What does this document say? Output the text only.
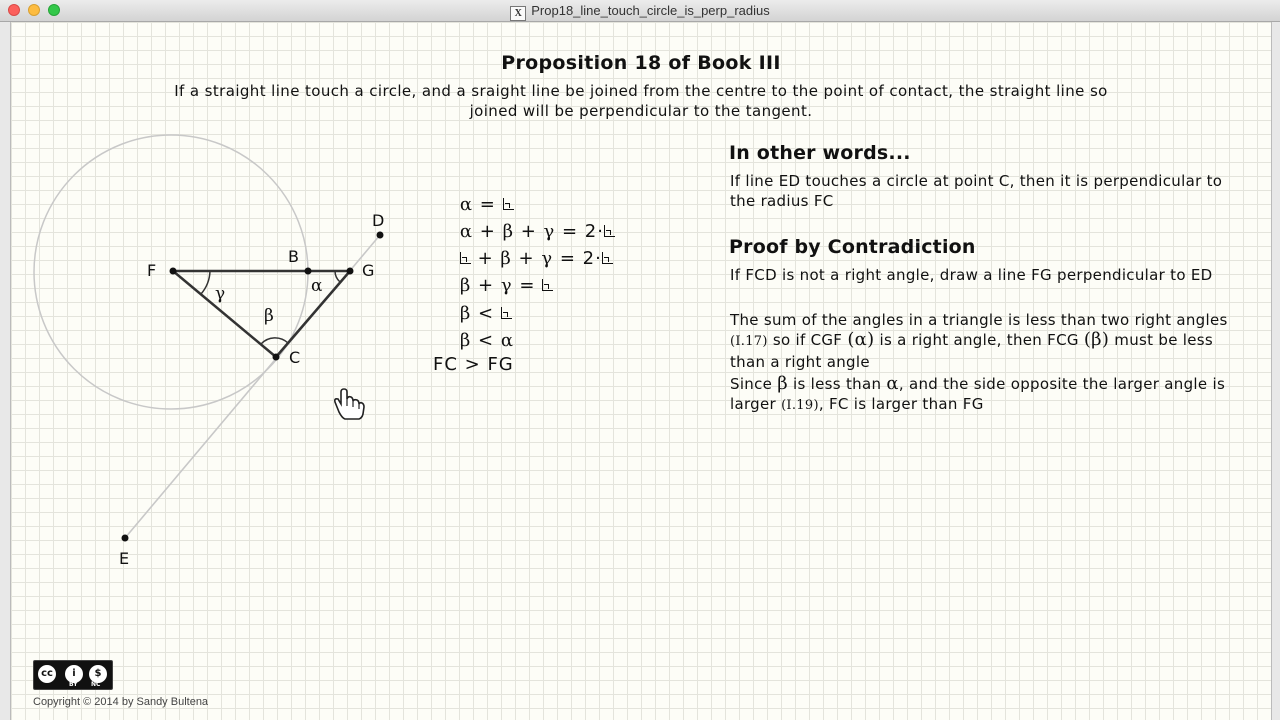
X Prop18_line_touch_circle_is_perp_radius
Proposition 18 of Book III
If a straight line touch a circle, and a sraight line be joined from the centre to the point of contact, the straight line so joined will be perpendicular to the tangent.
D
F
B
G
C
E
γ
β
α

α =

α + β + γ = 2·

+ β + γ = 2·

β + γ =

β <

β < α

FC > FG
In other words...
If line ED touches a circle at point C, then it is perpendicular to the radius FC
Proof by Contradiction
If FCD is not a right angle, draw a line FG perpendicular to ED
The sum of the angles in a triangle is less than two right angles (I.17) so if CGF (α) is a right angle, then FCG (β) must be less than a right angle
Since β is less than α, and the side opposite the larger angle is larger (I.19), FC is larger than FG
cc	i	$
BY NC
Copyright © 2014 by Sandy Bultena
